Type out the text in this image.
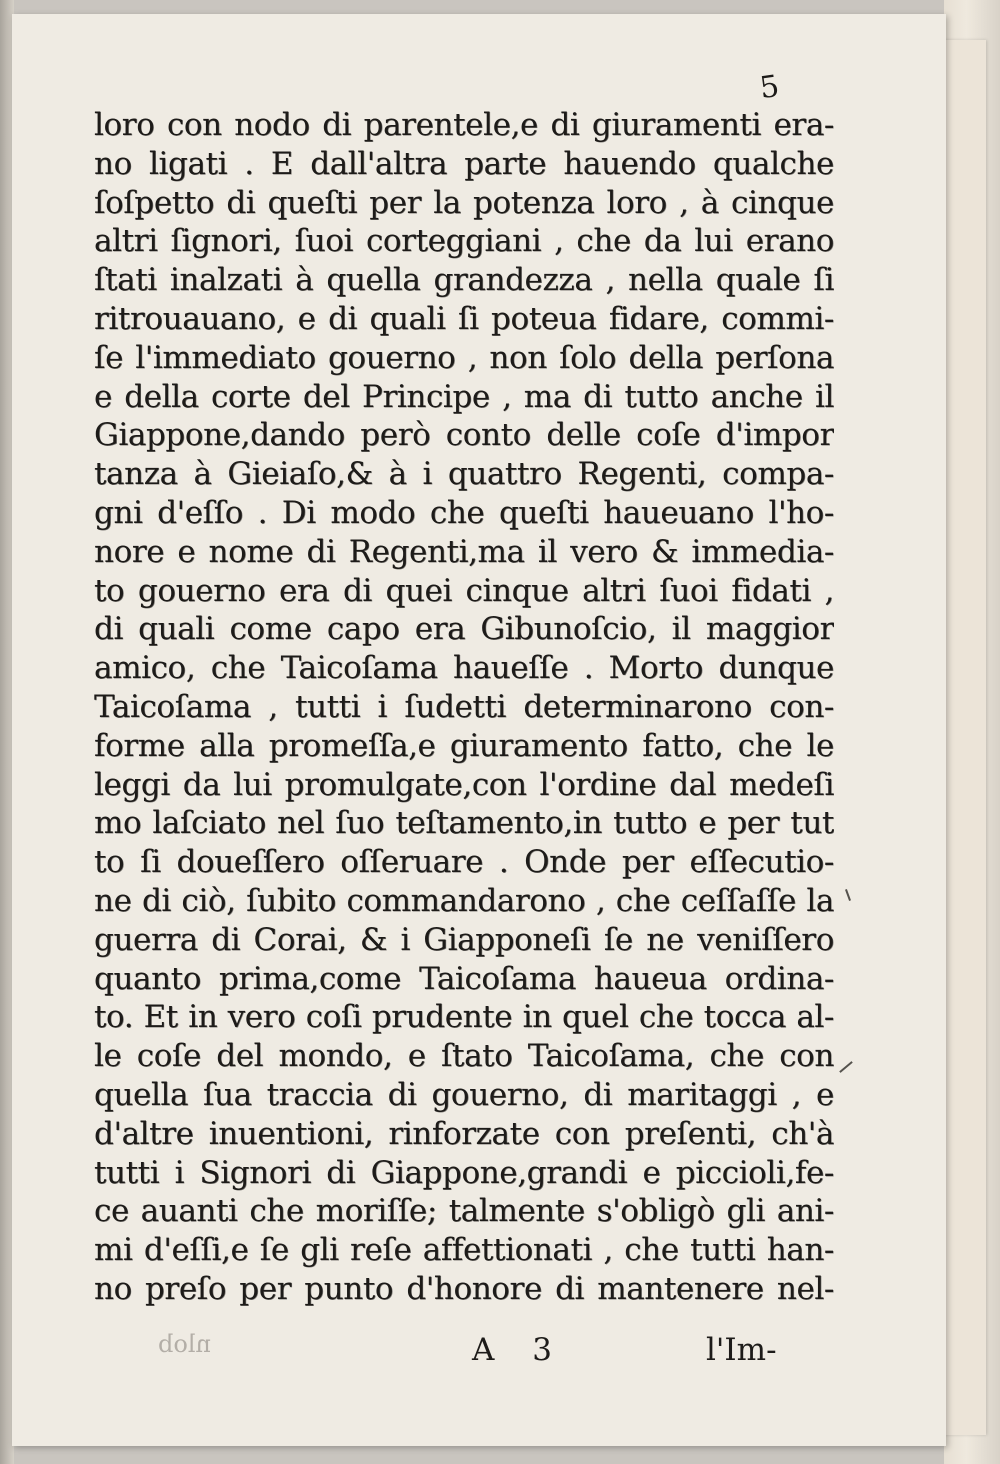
5
loro con nodo di parentele,e di giuramenti era-
no ligati . E dall'altra parte hauendo qualche
ſoſpetto di queſti per la potenza loro , à cinque
altri ſignori, ſuoi corteggiani , che da lui erano
ſtati inalzati à quella grandezza , nella quale ſi
ritrouauano, e di quali ſi poteua fidare, commi-
ſe l'immediato gouerno , non ſolo della perſona
e della corte del Principe , ma di tutto anche il
Giappone,dando però conto delle coſe d'impor
tanza à Gieiaſo,& à i quattro Regenti, compa-
gni d'eſſo . Di modo che queſti haueuano l'ho-
nore e nome di Regenti,ma il vero & immedia-
to gouerno era di quei cinque altri ſuoi fidati ,
di quali come capo era Gibunoſcio, il maggior
amico, che Taicoſama haueſſe . Morto dunque
Taicoſama , tutti i ſudetti determinarono con-
forme alla promeſſa,e giuramento fatto, che le
leggi da lui promulgate,con l'ordine dal medeſi
mo laſciato nel ſuo teſtamento,in tutto e per tut
to ſi doueſſero oſſeruare . Onde per eſſecutio-
ne di ciò, ſubito commandarono , che ceſſaſſe la
guerra di Corai, & i Giapponeſi ſe ne veniſſero
quanto prima,come Taicoſama haueua ordina-
to. Et in vero coſi prudente in quel che tocca al-
le coſe del mondo, e ſtato Taicoſama, che con
quella ſua traccia di gouerno, di maritaggi , e
d'altre inuentioni, rinforzate con preſenti, ch'à
tutti i Signori di Giappone,grandi e piccioli,fe-
ce auanti che moriſſe; talmente s'obligò gli ani-
mi d'eſſi,e ſe gli reſe affettionati , che tutti han-
no preſo per punto d'honore di mantenere nel-
nlob	A 3	l'Im-
